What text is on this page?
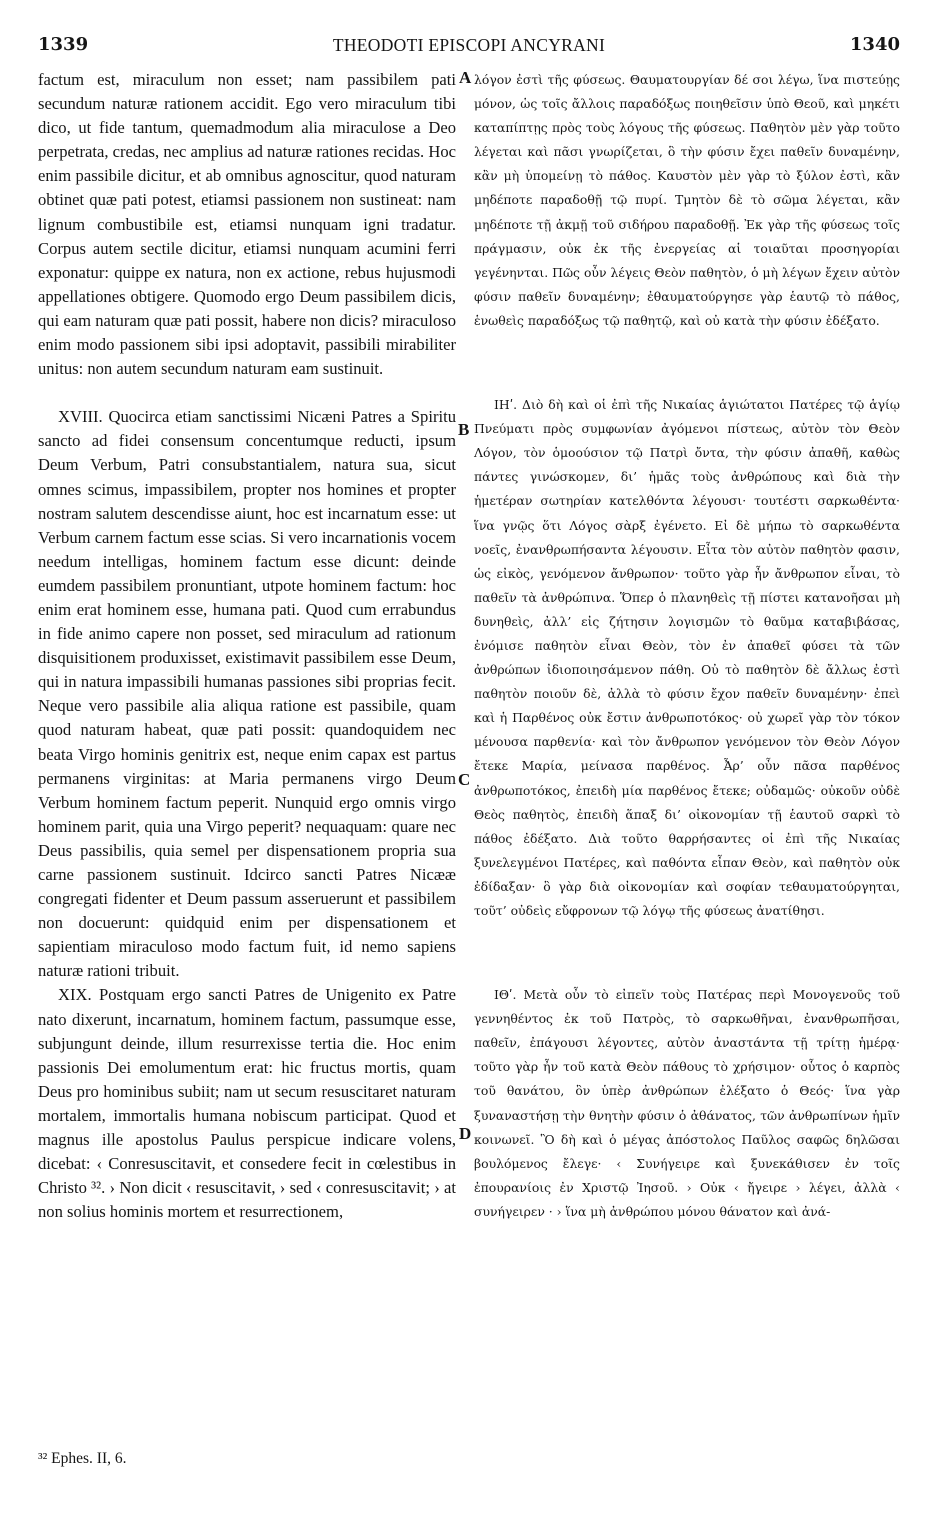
1339	THEODOTI EPISCOPI ANCYRANI	1340

factum est, miraculum non esset; nam passibilem pati secundum naturæ rationem accidit. Ego vero miraculum tibi dico, ut fide tantum, quemadmodum alia miraculose a Deo perpetrata, credas, nec amplius ad naturæ rationes recidas. Hoc enim passibile dicitur, et ab omnibus agnoscitur, quod naturam obtinet quæ pati potest, etiamsi passionem non sustineat: nam lignum combustibile est, etiamsi nunquam igni tradatur. Corpus autem sectile dicitur, etiamsi nunquam acumini ferri exponatur: quippe ex natura, non ex actione, rebus hujusmodi appellationes obtigere. Quomodo ergo Deum passibilem dicis, qui eam naturam quæ pati possit, habere non dicis? miraculoso enim modo passionem sibi ipsi adoptavit, passibili mirabiliter unitus: non autem secundum naturam eam sustinuit.

XVIII. Quocirca etiam sanctissimi Nicæni Patres a Spiritu sancto ad fidei consensum concentumque reducti, ipsum Deum Verbum, Patri consubstantialem, natura sua, sicut omnes scimus, impassibilem, propter nos homines et propter nostram salutem descendisse aiunt, hoc est incarnatum esse: ut Verbum carnem factum esse scias. Si vero incarnationis vocem needum intelligas, hominem factum esse dicunt: deinde eumdem passibilem pronuntiant, utpote hominem factum: hoc enim erat hominem esse, humana pati. Quod cum errabundus in fide animo capere non posset, sed miraculum ad rationum disquisitionem produxisset, existimavit passibilem esse Deum, qui in natura impassibili humanas passiones sibi proprias fecit. Neque vero passibile alia aliqua ratione est passibile, quam quod naturam habeat, quæ pati possit: quandoquidem nec beata Virgo hominis genitrix est, neque enim capax est partus permanens virginitas: at Maria permanens virgo Deum Verbum hominem factum peperit. Nunquid ergo omnis virgo hominem parit, quia una Virgo peperit? nequaquam: quare nec Deus passibilis, quia semel per dispensationem propria sua carne passionem sustinuit. Idcirco sancti Patres Nicææ congregati fidenter et Deum passum asseruerunt et passibilem non docuerunt: quidquid enim per dispensationem et sapientiam miraculoso modo factum fuit, id nemo sapiens naturæ rationi tribuit.

XIX. Postquam ergo sancti Patres de Unigenito ex Patre nato dixerunt, incarnatum, hominem factum, passumque esse, subjungunt deinde, illum resurrexisse tertia die. Hoc enim passionis Dei emolumentum erat: hic fructus mortis, quam Deus pro hominibus subiit; nam ut secum resuscitaret naturam mortalem, immortalis humana nobiscum participat. Quod et magnus ille apostolus Paulus perspicue indicare volens, dicebat: ‹ Conresuscitavit, et consedere fecit in cœlestibus in Christo ³². › Non dicit ‹ resuscitavit, › sed ‹ conresuscitavit; › at non solius hominis mortem et resurrectionem,

λόγον ἐστὶ τῆς φύσεως. Θαυματουργίαν δέ σοι λέγω, ἵνα πιστεύῃς μόνον, ὡς τοῖς ἄλλοις παραδόξως ποιηθεῖσιν ὑπὸ Θεοῦ, καὶ μηκέτι καταπίπτῃς πρὸς τοὺς λόγους τῆς φύσεως. Παθητὸν μὲν γὰρ τοῦτο λέγεται καὶ πᾶσι γνωρίζεται, ὃ τὴν φύσιν ἔχει παθεῖν δυναμένην, κἂν μὴ ὑπομείνῃ τὸ πάθος. Καυστὸν μὲν γὰρ τὸ ξύλον ἐστὶ, κἂν μηδέποτε παραδοθῇ τῷ πυρί. Τμητὸν δὲ τὸ σῶμα λέγεται, κἂν μηδέποτε τῇ ἀκμῇ τοῦ σιδήρου παραδοθῇ. Ἐκ γὰρ τῆς φύσεως τοῖς πράγμασιν, οὐκ ἐκ τῆς ἐνεργείας αἱ τοιαῦται προσηγορίαι γεγένηνται. Πῶς οὖν λέγεις Θεὸν παθητὸν, ὁ μὴ λέγων ἔχειν αὐτὸν φύσιν παθεῖν δυναμένην; ἐθαυματούργησε γὰρ ἑαυτῷ τὸ πάθος, ἑνωθεὶς παραδόξως τῷ παθητῷ, καὶ οὐ κατὰ τὴν φύσιν ἐδέξατο.

ΙΗʹ. Διὸ δὴ καὶ οἱ ἐπὶ τῆς Νικαίας ἁγιώτατοι Πατέρες τῷ ἁγίῳ Πνεύματι πρὸς συμφωνίαν ἀγόμενοι πίστεως, αὐτὸν τὸν Θεὸν Λόγον, τὸν ὁμοούσιον τῷ Πατρὶ ὄντα, τὴν φύσιν ἀπαθῆ, καθὼς πάντες γινώσκομεν, δι’ ἡμᾶς τοὺς ἀνθρώπους καὶ διὰ τὴν ἡμετέραν σωτηρίαν κατελθόντα λέγουσι· τουτέστι σαρκωθέντα· ἵνα γνῷς ὅτι Λόγος σὰρξ ἐγένετο. Εἰ δὲ μήπω τὸ σαρκωθέντα νοεῖς, ἐνανθρωπήσαντα λέγουσιν. Εἶτα τὸν αὐτὸν παθητὸν φασιν, ὡς εἰκὸς, γενόμενον ἄνθρωπον· τοῦτο γὰρ ἦν ἄνθρωπον εἶναι, τὸ παθεῖν τὰ ἀνθρώπινα. Ὅπερ ὁ πλανηθεὶς τῇ πίστει κατανοῆσαι μὴ δυνηθεὶς, ἀλλ’ εἰς ζήτησιν λογισμῶν τὸ θαῦμα καταβιβάσας, ἐνόμισε παθητὸν εἶναι Θεὸν, τὸν ἐν ἀπαθεῖ φύσει τὰ τῶν ἀνθρώπων ἰδιοποιησάμενον πάθη. Οὐ τὸ παθητὸν δὲ ἄλλως ἐστὶ παθητὸν ποιοῦν δὲ, ἀλλὰ τὸ φύσιν ἔχον παθεῖν δυναμένην· ἐπεὶ καὶ ἡ Παρθένος οὐκ ἔστιν ἀνθρωποτόκος· οὐ χωρεῖ γὰρ τὸν τόκον μένουσα παρθενία· καὶ τὸν ἄνθρωπον γενόμενον τὸν Θεὸν Λόγον ἔτεκε Μαρία, μείνασα παρθένος. Ἆρ’ οὖν πᾶσα παρθένος ἀνθρωποτόκος, ἐπειδὴ μία παρθένος ἔτεκε; οὐδαμῶς· οὐκοῦν οὐδὲ Θεὸς παθητὸς, ἐπειδὴ ἅπαξ δι’ οἰκονομίαν τῇ ἑαυτοῦ σαρκὶ τὸ πάθος ἐδέξατο. Διὰ τοῦτο θαρρήσαντες οἱ ἐπὶ τῆς Νικαίας ξυνελεγμένοι Πατέρες, καὶ παθόντα εἶπαν Θεὸν, καὶ παθητὸν οὐκ ἐδίδαξαν· ὃ γὰρ διὰ οἰκονομίαν καὶ σοφίαν τεθαυματούργηται, τοῦτ’ οὐδεὶς εὔφρονων τῷ λόγῳ τῆς φύσεως ἀνατίθησι.

ΙΘʹ. Μετὰ οὖν τὸ εἰπεῖν τοὺς Πατέρας περὶ Μονογενοῦς τοῦ γεννηθέντος ἐκ τοῦ Πατρὸς, τὸ σαρκωθῆναι, ἐνανθρωπῆσαι, παθεῖν, ἐπάγουσι λέγοντες, αὐτὸν ἀναστάντα τῇ τρίτῃ ἡμέρᾳ· τοῦτο γὰρ ἦν τοῦ κατὰ Θεὸν πάθους τὸ χρήσιμον· οὗτος ὁ καρπὸς τοῦ θανάτου, ὃν ὑπὲρ ἀνθρώπων ἐλέξατο ὁ Θεός· ἵνα γὰρ ξυναναστήσῃ τὴν θνητὴν φύσιν ὁ ἀθάνατος, τῶν ἀνθρωπίνων ἡμῖν κοινωνεῖ. Ὃ δὴ καὶ ὁ μέγας ἀπόστολος Παῦλος σαφῶς δηλῶσαι βουλόμενος ἔλεγε· ‹ Συνήγειρε καὶ ξυνεκάθισεν ἐν τοῖς ἐπουρανίοις ἐν Χριστῷ Ἰησοῦ. › Οὐκ ‹ ἤγειρε › λέγει, ἀλλὰ ‹ συνήγειρεν · › ἵνα μὴ ἀνθρώπου μόνου θάνατον καὶ ἀνά-

A
B
C
D
³² Ephes. II, 6.
